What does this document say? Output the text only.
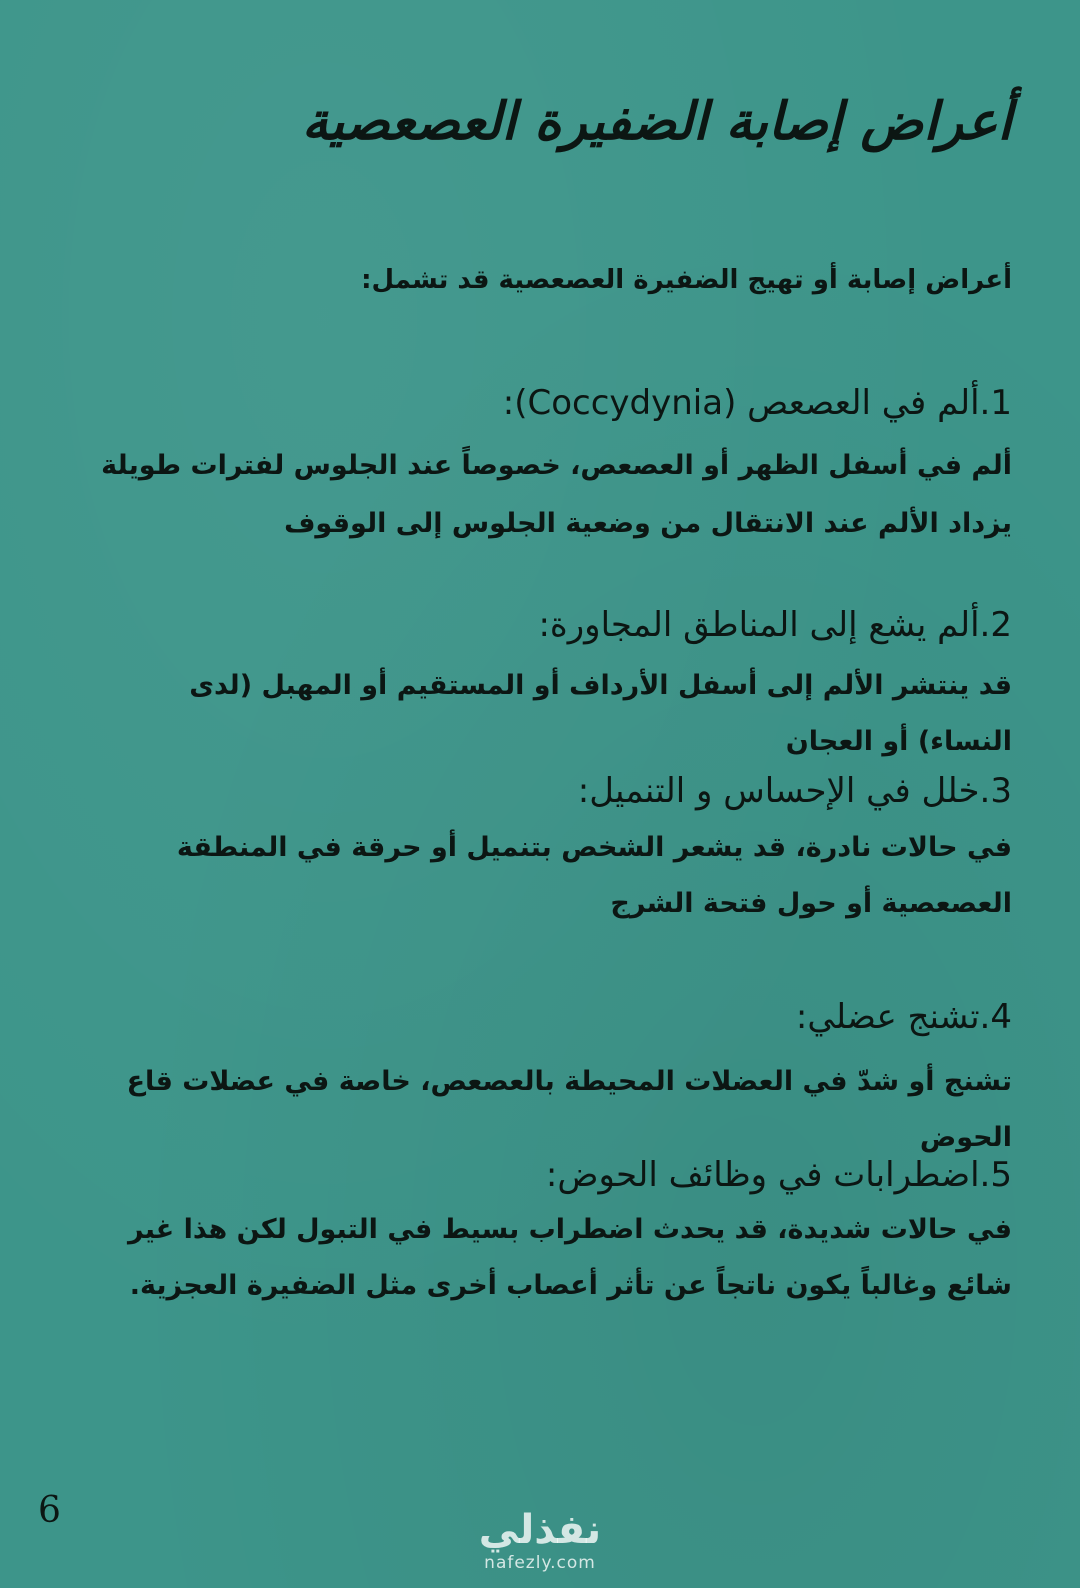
أعراض إصابة الضفيرة العصعصية
أعراض إصابة أو تهيج الضفيرة العصعصية قد تشمل:
1.ألم في العصعص (Coccydynia):
ألم في أسفل الظهر أو العصعص، خصوصاً عند الجلوس لفترات طويلة
يزداد الألم عند الانتقال من وضعية الجلوس إلى الوقوف
2.ألم يشع إلى المناطق المجاورة:
قد ينتشر الألم إلى أسفل الأرداف أو المستقيم أو المهبل (لدى النساء) أو العجان
3.خلل في الإحساس و التنميل:
في حالات نادرة، قد يشعر الشخص بتنميل أو حرقة في المنطقة العصعصية أو حول فتحة الشرج
4.تشنج عضلي:
تشنج أو شدّ في العضلات المحيطة بالعصعص، خاصة في عضلات قاع الحوض
5.اضطرابات في وظائف الحوض:
في حالات شديدة، قد يحدث اضطراب بسيط في التبول لكن هذا غير شائع وغالباً يكون ناتجاً عن تأثر أعصاب أخرى مثل الضفيرة العجزية.
6	نفذلي
nafezly.com
